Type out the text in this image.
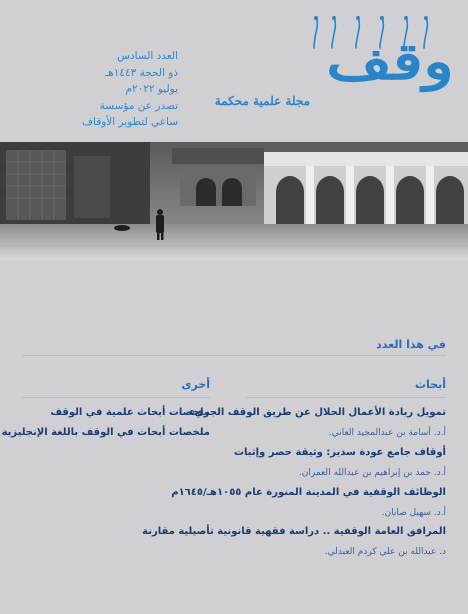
العدد السادس
ذو الحجة ١٤٤٣هـ
يوليو ٢٠٢٢م
تصدر عن مؤسسة
ساعي لتطوير الأوقاف
وقف
مجلة علمية محكمة
في هذا العدد
أبحاث
أخرى
تمويل ريادة الأعمال الحلال عن طريق الوقف الجريء
أ.د. أسامة بن عبدالمجيد العاني.
أوقاف جامع عودة سدير: وثيقة حصر وإثبات
أ.د. حمد بن إبراهيم بن عبدالله العمران.
الوظائف الوقفية في المدينة المنورة عام ١٠٥٥هـ/١٦٤٥م
أ.د. سهيل صابان.
المرافق العامة الوقفية .. دراسة فقهية قانونية تأصيلية مقارنة
د. عبدالله بن علي كردم العبدلي.
ملخصات أبحاث علمية في الوقف
ملخصات أبحاث في الوقف باللغة الإنجليزية
